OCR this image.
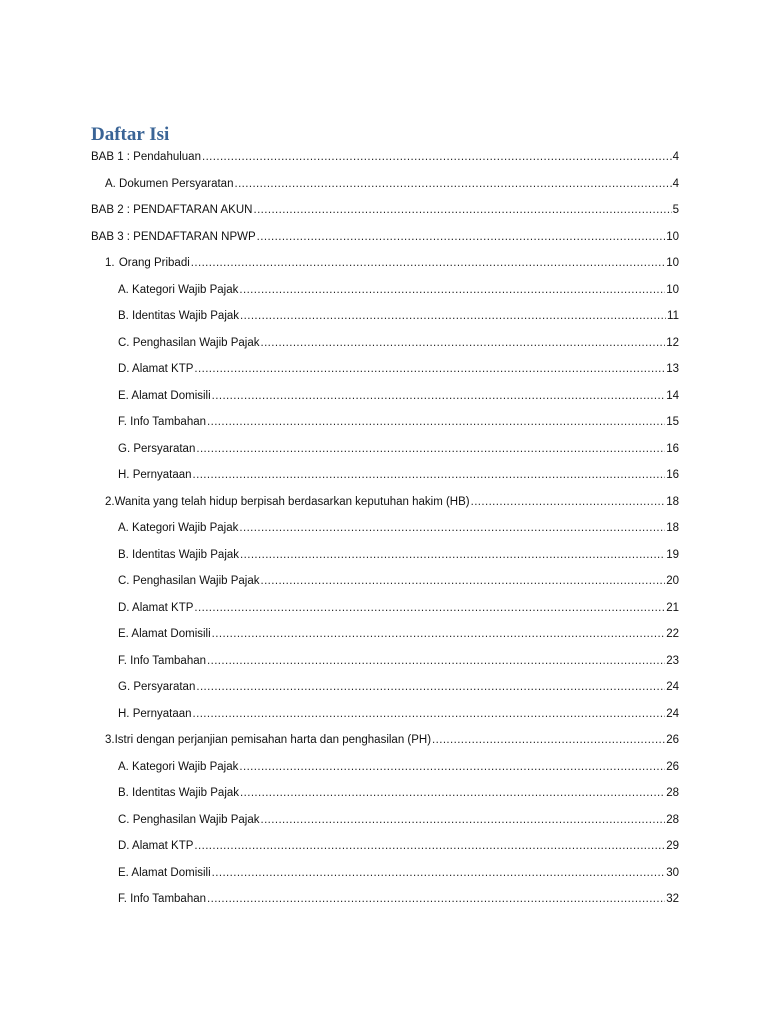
Daftar Isi
BAB 1 : Pendahuluan .....	4
A. Dokumen Persyaratan .....	4
BAB 2 : PENDAFTARAN AKUN .....	5
BAB 3 : PENDAFTARAN NPWP .....	10
1. Orang Pribadi .....	10
A. Kategori Wajib Pajak .....	10
B. Identitas Wajib Pajak .....	11
C. Penghasilan Wajib Pajak .....	12
D. Alamat KTP .....	13
E. Alamat Domisili .....	14
F. Info Tambahan .....	15
G. Persyaratan .....	16
H. Pernyataan .....	16
2. Wanita yang telah hidup berpisah berdasarkan keputuhan hakim (HB) .....	18
A. Kategori Wajib Pajak .....	18
B. Identitas Wajib Pajak .....	19
C. Penghasilan Wajib Pajak .....	20
D. Alamat KTP .....	21
E. Alamat Domisili .....	22
F. Info Tambahan .....	23
G. Persyaratan .....	24
H. Pernyataan .....	24
3. Istri dengan perjanjian pemisahan harta dan penghasilan (PH) .....	26
A. Kategori Wajib Pajak .....	26
B. Identitas Wajib Pajak .....	28
C. Penghasilan Wajib Pajak .....	28
D. Alamat KTP .....	29
E. Alamat Domisili .....	30
F. Info Tambahan .....	32
